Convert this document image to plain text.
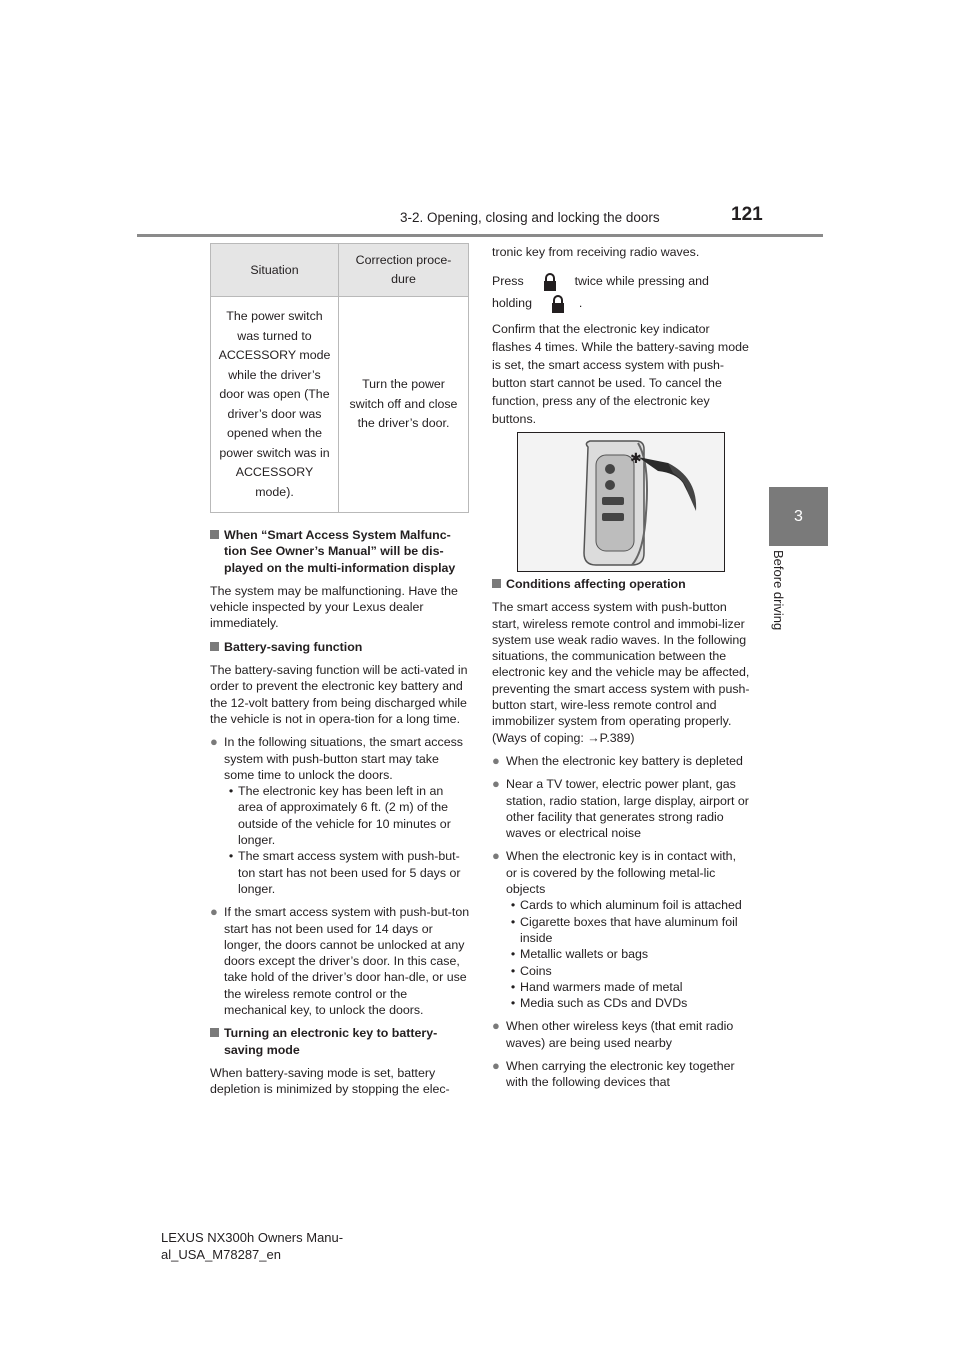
3-2. Opening, closing and locking the doors	121
3
Before driving
Situation	Correction proce-dure
The power switch was turned to ACCESSORY mode while the driver’s door was open (The driver’s door was opened when the power switch was in ACCESSORY mode).	Turn the power switch off and close the driver’s door.

When “Smart Access System Malfunc-tion See Owner’s Manual” will be dis-played on the multi-information display

The system may be malfunctioning. Have the vehicle inspected by your Lexus dealer immediately.

Battery-saving function

The battery-saving function will be acti-vated in order to prevent the electronic key battery and the 12-volt battery from being discharged while the vehicle is not in opera-tion for a long time.

● In the following situations, the smart access system with push-button start may take some time to unlock the doors.
• The electronic key has been left in an area of approximately 6 ft. (2 m) of the outside of the vehicle for 10 minutes or longer.
• The smart access system with push-but-ton start has not been used for 5 days or longer.
● If the smart access system with push-but-ton start has not been used for 14 days or longer, the doors cannot be unlocked at any doors except the driver’s door. In this case, take hold of the driver’s door han-dle, or use the wireless remote control or the mechanical key, to unlock the doors.

Turning an electronic key to battery-saving mode

When battery-saving mode is set, battery depletion is minimized by stopping the elec-

tronic key from receiving radio waves.

Press	twice while pressing and
holding	.

Confirm that the electronic key indicator flashes 4 times. While the battery-saving mode is set, the smart access system with push-button start cannot be used. To cancel the function, press any of the electronic key buttons.

✱

Conditions affecting operation

The smart access system with push-button start, wireless remote control and immobi-lizer system use weak radio waves. In the following situations, the communication between the electronic key and the vehicle may be affected, preventing the smart access system with push-button start, wire-less remote control and immobilizer system from operating properly. (Ways of coping: →P.389)

● When the electronic key battery is depleted
● Near a TV tower, electric power plant, gas station, radio station, large display, airport or other facility that generates strong radio waves or electrical noise
● When the electronic key is in contact with, or is covered by the following metal-lic objects
• Cards to which aluminum foil is attached
• Cigarette boxes that have aluminum foil inside
• Metallic wallets or bags
• Coins
• Hand warmers made of metal
• Media such as CDs and DVDs
● When other wireless keys (that emit radio waves) are being used nearby
● When carrying the electronic key together with the following devices that
LEXUS NX300h Owners Manu-al_USA_M78287_en
